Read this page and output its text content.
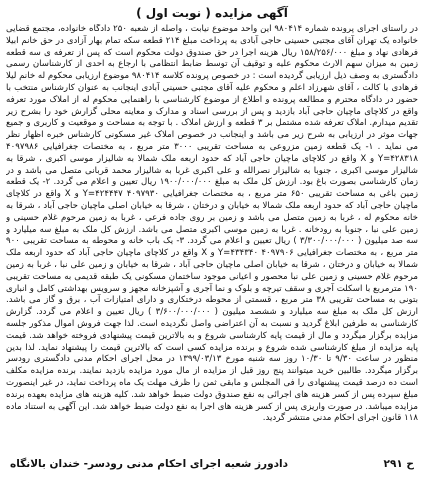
آگهی مزایده ( نوبت اول )

در راستای اجرای پرونده شماره ۹۸۰۴۱۴ این واحد موضوع نیابت ، واصله از شعبه ۲۵۰ دادگاه خانواده، مجتمع قضایی خانواده یک تهران آقای مجتبی حسینی حاجی آبادی به پرداخت مبلغ ۲۱۴ قطعه سکه تمام بهار آزادی در حق خانم ابیلا فرهادی نهاد و مبلغ ۱۵۸/۲۵۶/۰۰۰ ریال هزینه اجرا در حق صندوق دولت محکوم است که پس از تعرفه ی سه قطعه زمین به میزان سهم الارث محکوم علیه و توقیف آن توسط ضابط انتظامی با ارجاع به احدی از کارشناسان رسمی دادگستری به وصف ذیل ارزیابی گردیده است : در خصوص پرونده کلاسه ۹۸۰۴۱۴ موضوع ارزیابی محکوم له خانم لیلا فرهادی با کالت ، آقای شهرزاد اعلم و محکوم علیه آقای مجتبی حسینی آبادی اینجانب به عنوان کارشناس منتخب با حضور در دادگاه محترم و مطالعه پرونده و اطلاع از موضوع کارشناسی با راهنمایی محکوم له از املاک مورد تعرفه واقع در کلاچای ماچیان حاجی آباد بازدید و پس از بررسی اسناد و مدارک و معاینه محلی گزارش خود را بشرح زیر تقدیم میدارم. املاک تعرفه شده مشتمل بر ۳ قطعه و ارزش املاک . با توجه به مساحت و موقعیت و کاربری و جمیع جهات موثر در ارزیابی به شرح زیر می باشد و اینجانب در خصوص املاک غیر مسکونی کارشناس خبره اظهار نظر می نماید . ۱- یک قطعه زمین مزروعی به مساحت تقریبی ۳۰۰۰ متر مربع ، به مختصات جغرافیایی ۴۰۹۷۹۸۶ Y=۴۲۸۳۱۸ و X واقع در کلاچای ماچیان حاجی آباد که حدود اربعه ملک شمالا به شالیزار موسی اکبری ، شرقا به شالیزار موسی اکبری ، جنوبا به شالیزار نصرالله و علی اکبری غربا به شالیزار محمد قربانی متصل می باشد و در زمان کارشناسی بصورت باغ بود. ارزش کل ملک به مبلغ ۱۹۰۰/۰۰۰/۰۰۰ ریال تعیین و اعلام می گردد. ۲- یک قطعه زمین باغی به مساحت تقریبی ۶۵۰ متر مربع ، به مختصات جغرافیایی ۴۰۹۷۹۳۰ Y=۴۲۴۴۴۷ و X واقع در کلاچای ماچیان حاجی آباد که حدود اربعه ملک شمالا به خیابان و درختان ، شرقا به خیابان اصلی ماچیان حاجی آباد ، شرقا به خانه محکوم له ، غربا به زمین متصل می باشد و زمین بر روی جاده فرعی ، غربا به زمین مرحوم غلام حسینی و زمین علی نبا ، جنوبا به رودخانه . غربا به زمین موسی اکبری متصل می باشد. ارزش کل ملک به مبلغ سه میلیارد و سه صد میلیون ( ۳/۳۰۰/۰۰۰/۰۰۰ ) ریال تعیین و اعلام می گردد. ۳- یک باب خانه و محوطه به مساحت تقریبی ۹۰۰ متر مربع ، به مختصات جغرافیایی ۴۰۹۷۹۰۶ Y=۴۳۴۳۴۰ و X واقع در کلاچای ماچیان حاجی آباد که حدود اربعه ملک شمالا به خیابان و درختان ، شرقا به خیابان اصلی ماچیان حاجی آباد ، شرقا به خیابان و زمین علی نبا ، غربا به زمین مرحوم غلام حسینی و زمین علی نبا محصور و اعیانی موجود ساختمان مسکونی یک طبقه قدیمی به مساحت تقریبی ۱۹۰ مترمربع با اسکلت آجری و سقف تیرچه و بلوک و نما آجری و آشپزخانه مجهز و سرویس بهداشتی کامل و انباری بتونی به مساحت تقریبی ۳۸ متر مربع ، قسمتی از محوطه درختکاری و دارای امتیازات آب ، برق و گاز می باشد. ارزش کل ملک به مبلغ سه میلیارد و ششصد میلیون ( ۳/۶۰۰/۰۰۰/۰۰۰ ) ریال تعیین و اعلام می گردد. گزارش کارشناسی به طرفین ابلاغ گردید و نسبت به آن اعتراضی واصل نگردیده است. لذا جهت فروش اموال مذکور جلسه مزایده برگزار میگردد و مال از قیمت پایه کارشناسی شروع و به بالاترین قیمت پیشنهادی فروخته خواهد شد. قیمت پایه مزایده از مبلغ کارشناسی شده شروع و برنده مزایده کسی است که بالاترین قیمت را پیشنهاد نماید. لذا بدین منظور در ساعت ۹/۳۰ تا ۱۰/۳۰ روز سه شنبه مورخ ۱۳۹۹/۰۳/۱۳ در محل اجرای احکام مدنی دادگستری رودسر برگزار میگردد. طالبین خرید میتوانند پنج روز قبل از مزایده از مال مورد مزایده بازدید نمایند. برنده مزایده مکلف است ده درصد قیمت پیشنهادی را فی المجلس و مابقی ثمن را ظرف مهلت یک ماه پرداخت نماید، در غیر اینصورت مبلغ سپرده پس از کسر هزینه های اجرائی به نفع صندوق دولت ضبط خواهد شد. کلیه هزینه های مزایده بعهده برنده مزایده میباشد. در صورت واریزی پس از کسر هزینه های اجرا به نفع دولت ضبط خواهد شد. این آگهی به استناد ماده ۱۱۸ قانون اجرای احکام مدنی منتشر گردید.

ح ۲۹۱
دادورز شعبه اجرای احکام مدنی رودسر- خندان بالانگاه
